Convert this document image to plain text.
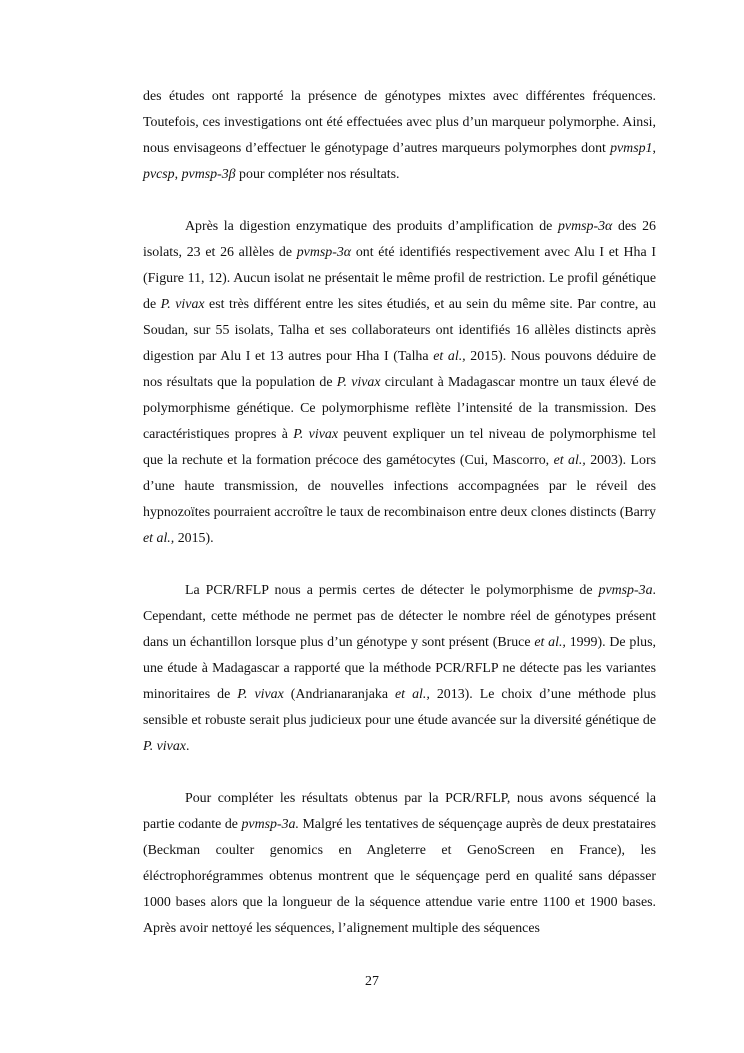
des études ont rapporté la présence de génotypes mixtes avec différentes fréquences. Toutefois, ces investigations ont été effectuées avec plus d’un marqueur polymorphe. Ainsi, nous envisageons d’effectuer le génotypage d’autres marqueurs polymorphes dont pvmsp1, pvcsp, pvmsp-3β pour compléter nos résultats.

Après la digestion enzymatique des produits d’amplification de pvmsp-3α des 26 isolats, 23 et 26 allèles de pvmsp-3α ont été identifiés respectivement avec Alu I et Hha I (Figure 11, 12). Aucun isolat ne présentait le même profil de restriction. Le profil génétique de P. vivax est très différent entre les sites étudiés, et au sein du même site. Par contre, au Soudan, sur 55 isolats, Talha et ses collaborateurs ont identifiés 16 allèles distincts après digestion par Alu I et 13 autres pour Hha I (Talha et al., 2015). Nous pouvons déduire de nos résultats que la population de P. vivax circulant à Madagascar montre un taux élevé de polymorphisme génétique. Ce polymorphisme reflète l’intensité de la transmission. Des caractéristiques propres à P. vivax peuvent expliquer un tel niveau de polymorphisme tel que la rechute et la formation précoce des gamétocytes (Cui, Mascorro, et al., 2003). Lors d’une haute transmission, de nouvelles infections accompagnées par le réveil des hypnozoïtes pourraient accroître le taux de recombinaison entre deux clones distincts (Barry et al., 2015).

La PCR/RFLP nous a permis certes de détecter le polymorphisme de pvmsp-3a. Cependant, cette méthode ne permet pas de détecter le nombre réel de génotypes présent dans un échantillon lorsque plus d’un génotype y sont présent (Bruce et al., 1999). De plus, une étude à Madagascar a rapporté que la méthode PCR/RFLP ne détecte pas les variantes minoritaires de P. vivax (Andrianaranjaka et al., 2013). Le choix d’une méthode plus sensible et robuste serait plus judicieux pour une étude avancée sur la diversité génétique de P. vivax.

Pour compléter les résultats obtenus par la PCR/RFLP, nous avons séquencé la partie codante de pvmsp-3a. Malgré les tentatives de séquençage auprès de deux prestataires (Beckman coulter genomics en Angleterre et GenoScreen en France), les éléctrophorégrammes obtenus montrent que le séquençage perd en qualité sans dépasser 1000 bases alors que la longueur de la séquence attendue varie entre 1100 et 1900 bases. Après avoir nettoyé les séquences, l’alignement multiple des séquences

27
